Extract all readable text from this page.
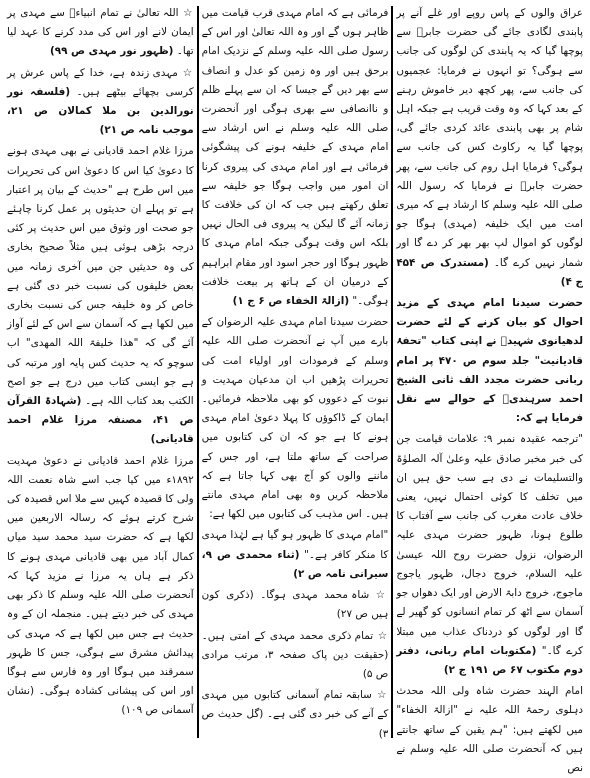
عراق والوں کے پاس روپے اور غلے آنے پر پابندی لگادی جائے گی حضرت جابرؓ سے پوچھا گیا کہ یہ پابندی کن لوگوں کی جانب سے ہوگی؟ تو انہوں نے فرمایا: عجمیوں کی جانب سے، پھر کچھ دیر خاموش رہنے کے بعد کہا کہ وہ وقت قریب ہے جبکہ اہل شام پر بھی پابندی عائد کردی جائے گی، پوچھا گیا یہ رکاوٹ کس کی جانب سے ہوگی؟ فرمایا اہل روم کی جانب سے، پھر حضرت جابرؓ نے فرمایا کہ رسول اللہ صلی اللہ علیہ وسلم کا ارشاد ہے کہ میری امت میں ایک خلیفہ (مہدی) ہوگا جو لوگوں کو اموال لپ بھر بھر کر دے گا اور شمار نہیں کرے گا۔ (مستدرک ص ۴۵۴ ج ۴)

حضرت سیدنا امام مہدی کے مزید احوال کو بیان کرنے کے لئے حضرت لدھیانوی شہیدؒ نے اپنی کتاب "تحفۂ قادیانیت" جلد سوم ص ۴۷۰ پر امام ربانی حضرت مجدد الف ثانی الشیخ احمد سرہندیؒ کے حوالے سے نقل فرمایا ہے کہ:

"ترجمہ عقیدہ نمبر ۹: علامات قیامت جن کی خبر مخبر صادق علیہ وعلیٰ آلہ الصلوٰۃ والتسلیمات نے دی ہے سب حق ہیں ان میں تخلف کا کوئی احتمال نہیں، یعنی خلاف عادت مغرب کی جانب سے آفتاب کا طلوع ہونا، ظہور حضرت مہدی علیہ الرضوان، نزول حضرت روح اللہ عیسیٰ علیہ السلام، خروج دجال، ظہور یاجوج ماجوج، خروج دابۃ الارض اور ایک دھواں جو آسمان سے اٹھ کر تمام انسانوں کو گھیر لے گا اور لوگوں کو دردناک عذاب میں مبتلا کرے گا۔" (مکتوبات امام ربانی، دفتر دوم مکتوب ۶۷ ص ۱۹۱ ج ۲)

امام الہند حضرت شاہ ولی اللہ محدث دہلوی رحمۃ اللہ علیہ نے "ازالۃ الخفاء" میں لکھتے ہیں: "ہم یقین کے ساتھ جانتے ہیں کہ آنحضرت صلی اللہ علیہ وسلم نے نص

فرمائی ہے کہ امام مہدی قرب قیامت میں ظاہر ہوں گے اور وہ اللہ تعالیٰ اور اس کے رسول صلی اللہ علیہ وسلم کے نزدیک امام برحق ہیں اور وہ زمین کو عدل و انصاف سے بھر دیں گے جیسا کہ ان سے پہلے ظلم و ناانصافی سے بھری ہوگی اور آنحضرت صلی اللہ علیہ وسلم نے اس ارشاد سے امام مہدی کے خلیفہ ہونے کی پیشگوئی فرمائی ہے اور امام مہدی کی پیروی کرنا ان امور میں واجب ہوگا جو خلیفہ سے تعلق رکھتے ہیں جب کہ ان کی خلافت کا زمانہ آئے گا لیکن یہ پیروی فی الحال نہیں بلکہ اس وقت ہوگی جبکہ امام مہدی کا ظہور ہوگا اور حجر اسود اور مقام ابراہیم کے درمیان ان کے ہاتھ پر بیعت خلافت ہوگی۔" (ازالۃ الخفاء ص ۶ ج ۱)

حضرت سیدنا امام مہدی علیہ الرضوان کے بارے میں آپ نے آنحضرت صلی اللہ علیہ وسلم کے فرمودات اور اولیاء امت کی تحریرات پڑھیں اب ان مدعیان مہدیت و نبوت کے دعووں کو بھی ملاحظہ فرمائیں۔ ایمان کے ڈاکوؤں کا پہلا دعویٰ امام مہدی ہونے کا ہے جو کہ ان کی کتابوں میں صراحت کے ساتھ ملتا ہے، اور جس کے ماننے والوں کو آج بھی کہا جاتا ہے کہ ملاحظہ کریں وہ بھی امام مہدی مانتے ہیں۔ اس مذہب کی کتابوں میں لکھا ہے:

"امام مہدی کا ظہور ہو گیا ہے لہٰذا مہدی کا منکر کافر ہے۔" (ثناء محمدی ص ۹، سیرانی نامہ ص ۲)

☆ شاہ محمد مہدی ہوگا۔ (ذکری کون ہیں ص ۲۷)

☆ تمام ذکری محمد مہدی کے امتی ہیں۔ (حقیقت دین پاک صفحہ ۳، مرتب مرادی ص ۵)

☆ سابقہ تمام آسمانی کتابوں میں مہدی کے آنے کی خبر دی گئی ہے۔ (گل حدیث ص ۳)

☆ اللہ تعالیٰ نے تمام انبیاءؑ سے مہدی پر ایمان لانے اور اس کی مدد کرنے کا عہد لیا تھا۔ (ظہور نور مہدی ص ۹۹)

☆ مہدی زندہ ہے، خدا کے پاس عرش پر کرسی بچھائے بیٹھے ہیں۔ (فلسفہ نور نورالدین بن ملا کمالان ص ۲۱، موجب نامہ ص ۲۱)

مرزا غلام احمد قادیانی نے بھی مہدی ہونے کا دعویٰ کیا اس کا دعویٰ اس کی تحریرات میں اس طرح ہے "حدیث کے بیان پر اعتبار ہے تو پہلے ان حدیثوں پر عمل کرنا چاہئے جو صحت اور وثوق میں اس حدیث پر کئی درجہ بڑھی ہوئی ہیں مثلاً صحیح بخاری کی وہ حدیثیں جن میں آخری زمانہ میں بعض خلیفوں کی نسبت خبر دی گئی ہے خاص کر وہ خلیفہ جس کی نسبت بخاری میں لکھا ہے کہ آسمان سے اس کے لئے آواز آئے گی کہ "ھذا خلیفۃ اللہ المھدی" اب سوچو کہ یہ حدیث کس پایہ اور مرتبہ کی ہے جو ایسی کتاب میں درج ہے جو اصح الکتب بعد کتاب اللہ ہے۔ (شہادۃ القرآن ص ۴۱، مصنفہ مرزا غلام احمد قادیانی)

مرزا غلام احمد قادیانی نے دعویٰ مہدیت ۱۸۹۲ء میں کیا جب اسے شاہ نعمت اللہ ولی کا قصیدہ کہیں سے ملا اس قصیدہ کی شرح کرتے ہوئے کہ رسالہ الاربعین میں لکھا ہے کہ حضرت سید محمد سید میاں کمال آباد میں بھی قادیانی مہدی ہونے کا ذکر ہے ہاں یہ مرزا نے مزید کہا کہ آنحضرت صلی اللہ علیہ وسلم کا ذکر بھی مہدی کی خبر دیتے ہیں۔ منجملہ ان کے وہ حدیث ہے جس میں لکھا ہے کہ مہدی کی پیدائش مشرق سے ہوگی، جس کا ظہور سمرقند میں ہوگا اور وہ فارس سے ہوگا اور اس کی پیشانی کشادہ ہوگی۔ (نشان آسمانی ص ۱۰۹)
